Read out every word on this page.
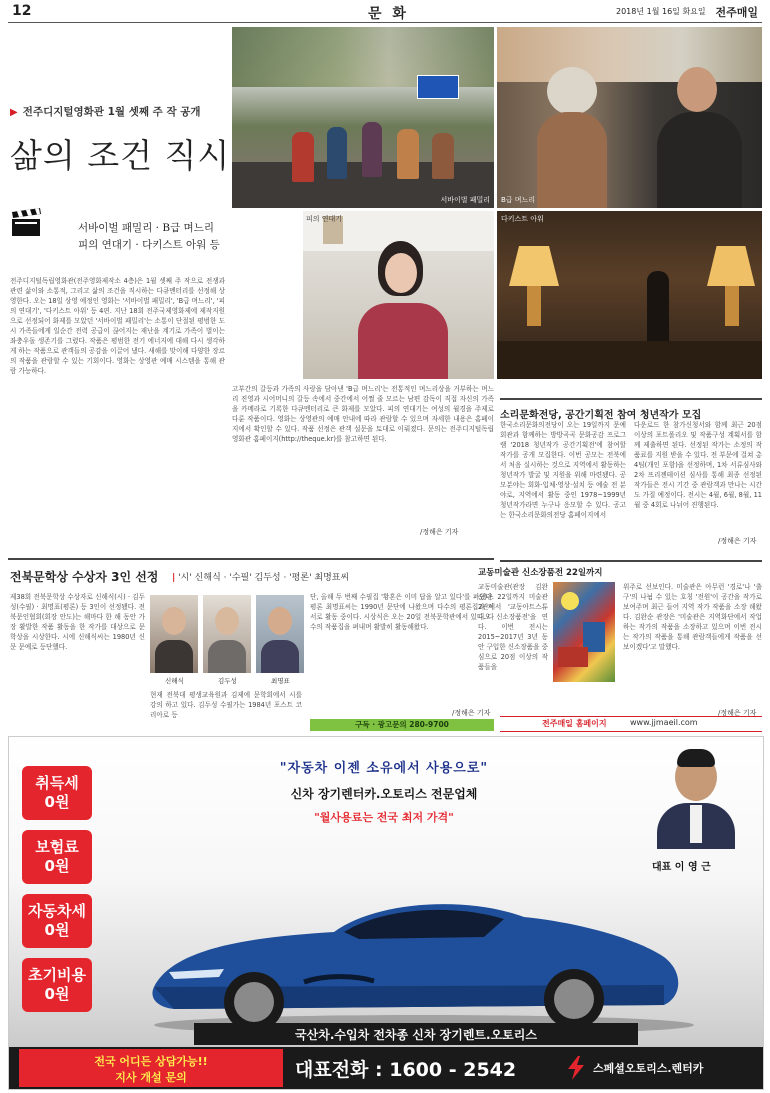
12	문 화	2018년 1월 16일 화요일 전주매일
▶ 전주디지털영화관 1월 셋째 주 작 공개
삶의 조건 직시
서바이벌 패밀리 · B급 며느리
피의 연대기 · 다키스트 아워 등
서바이벌 패밀리 B급 며느리
피의 연대기	다키스트 아워

전주디지털독립영화관(전주영화제작소 4층)은 1월 셋째 주 작으로 전쟁과 관련 삶이와 소통적, 그리고 삶의 조건을 직시하는 다큐멘터리를 선정해 상영한다. 오는 18일 상영 예정인 영화는 '서바이벌 패밀리', 'B급 며느리', '피의 연대기', '다키스트 아워' 등 4편. 지난 18회 전주국제영화제에 제작지원으로 선정되어 화제를 모았던 '서바이벌 패밀리'는 소통이 단절된 평범한 도시 가족들에게 일순간 전력 공급이 끊어지는 재난을 계기로 가족이 벌이는 좌충우돌 생존기를 그렸다. 작품은 평범한 전기 에너지에 대해 다시 생각하게 하는 작품으로 관객들의 공감을 이끌어 냈다. 새해를 맞이해 다양한 장르의 작품을 관람할 수 있는 기회이다. 영화는 상영관 예매 시스템을 통해 관람 가능하다.

고부간의 갈등과 가족의 사랑을 담아낸 'B급 며느리'는 전통적인 며느리상을 거부하는 며느리 진영과 시어머니의 갈등 속에서 중간에서 어쩔 줄 모르는 남편 감독이 직접 자신의 가족을 카메라로 기록한 다큐멘터리로 큰 화제를 모았다. 피의 연대기는 여성의 월경을 주제로 다룬 작품이다. 영화는 상영관의 예매 안내에 따라 관람할 수 있으며 자세한 내용은 홈페이지에서 확인할 수 있다. 작품 선정은 관객 설문을 토대로 이뤄졌다. 문의는 전주디지털독립영화관 홈페이지(http://theque.kr)를 참고하면 된다.

/정해은 기자
소리문화전당, 공간기획전 참여 청년작가 모집

한국소리문화의전당이 오는 19일까지 문예회관과 함께하는 방방곡곡 문화공감 프로그램 '2018 청년작가 공간기획전'에 참여할 작가를 공개 모집한다. 이번 공모는 전북에서 처음 실시하는 것으로 지역에서 활동하는 청년작가 발굴 및 지원을 위해 마련됐다. 공모분야는 회화·입체·영상·설치 등 예술 전 분야로, 지역에서 활동 중인 1978~1999년 청년작가라면 누구나 응모할 수 있다. 공고는 한국소리문화의전당 홈페이지에서

다운로드 한 참가신청서와 함께 최근 20점 이상의 포트폴리오 및 작품구성 계획서를 함께 제출하면 된다. 선정된 작가는 소정의 작품료를 지원 받을 수 있다. 전 부문에 걸쳐 총 4팀(개인 포함)을 선정하며, 1차 서류심사와 2차 프리젠테이션 심사를 통해 최종 선정된 작가들은 전시 기간 중 관람객과 만나는 시간도 가질 예정이다. 전시는 4월, 6월, 8월, 11월 중 4회로 나뉘어 진행된다.

/정해은 기자
전북문학상 수상자 3인 선정 | '시' 신해식 · '수필' 김두성 · '평론' 최명표씨

제38회 전북문학상 수상자로 신해식(시) · 김두성(수필) · 최명표(평론) 등 3인이 선정됐다. 전북문인협회(회장 안도)는 해마다 한 해 동안 가장 활발한 작품 활동을 한 작가를 대상으로 문학상을 시상한다. 시에 신해식씨는 1980년 신문 문예로 등단했다.

신해식	김두성	최명표

현재 전북대 평생교육원과 김제에 문학회에서 시를 강의 하고 있다. 김두성 수필가는 1984년 포스트 코리아로 등

단, 올해 두 번째 수필집 '황혼은 이미 답을 알고 있다'를 펴냈다. 평론 최명표씨는 1990년 문단에 나왔으며 다수의 평론집과 저서로 활동 중이다. 시상식은 오는 20일 전북문학관에서 있다. 다수의 작품집을 펴내며 활발히 활동해왔다.

/정해은 기자
구독 · 광고문의 280-9700
교동미술관 신소장품전 22일까지

교동미술관(관장 김완순)은 22일까지 미술관 2관에서 '교동아트스튜디오 신소장품전'을 연다. 이번 전시는 2015~2017년 3년 동안 구입한 신소장품을 중심으로 20점 이상의 작품들을

위주로 선보인다. 미술관은 아무런 '경로'나 '출구'의 나뉨 수 있는 호칭 '전원'이 공간을 작가로 보여주며 최근 들어 지역 작가 작품을 소장 해왔다. 김완순 관장은 '미술관은 지역화단에서 작업하는 작가의 작품을 소장하고 있으며 이번 전시는 작가의 작품을 통해 관람객들에게 작품을 선보이겠다'고 말했다.

/정해은 기자
전주매일 홈페이지	www.jjmaeil.com
"자동차 이젠 소유에서 사용으로"
신차 장기렌터카.오토리스 전문업체
"월사용료는 전국 최저 가격"
대표 이 영 근
국산차.수입차 전차종 신차 장기렌트.오토리스
전국 어디든 상담가능!!
지사 개설 문의	대표전화 : 1600 - 2542	스페셜오토리스.렌터카
취득세
0원
보험료
0원
자동차세
0원
초기비용
0원
